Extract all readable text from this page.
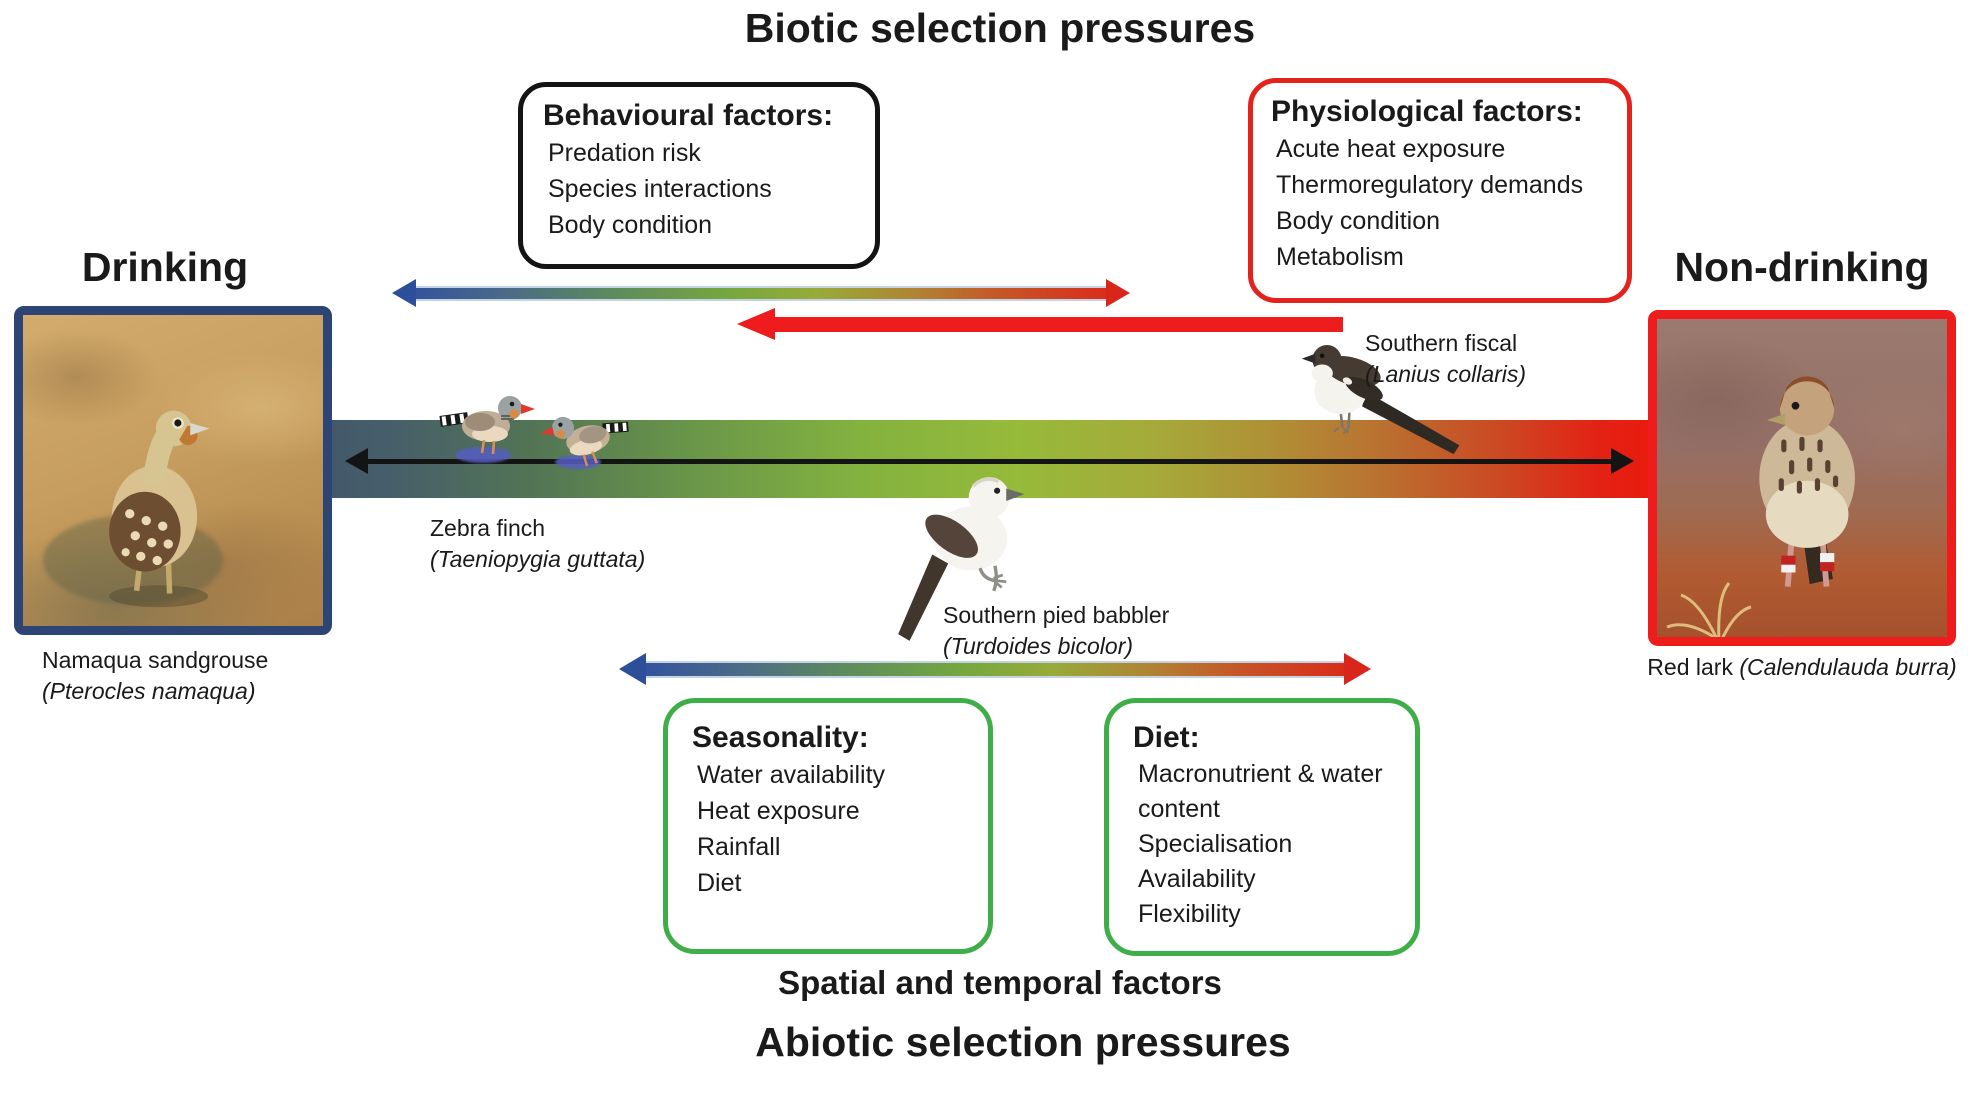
Biotic selection pressures
Behavioural factors:
Predation risk
Species interactions
Body condition
Physiological factors:
Acute heat exposure
Thermoregulatory demands
Body condition
Metabolism
Drinking	Non-drinking
Namaqua sandgrouse
(Pterocles namaqua)
Red lark (Calendulauda burra)
Zebra finch
(Taeniopygia guttata)
Southern fiscal
(Lanius collaris)
Southern pied babbler
(Turdoides bicolor)
Seasonality:
Water availability
Heat exposure
Rainfall
Diet
Diet:
Macronutrient & water content
Specialisation
Availability
Flexibility
Spatial and temporal factors
Abiotic selection pressures
